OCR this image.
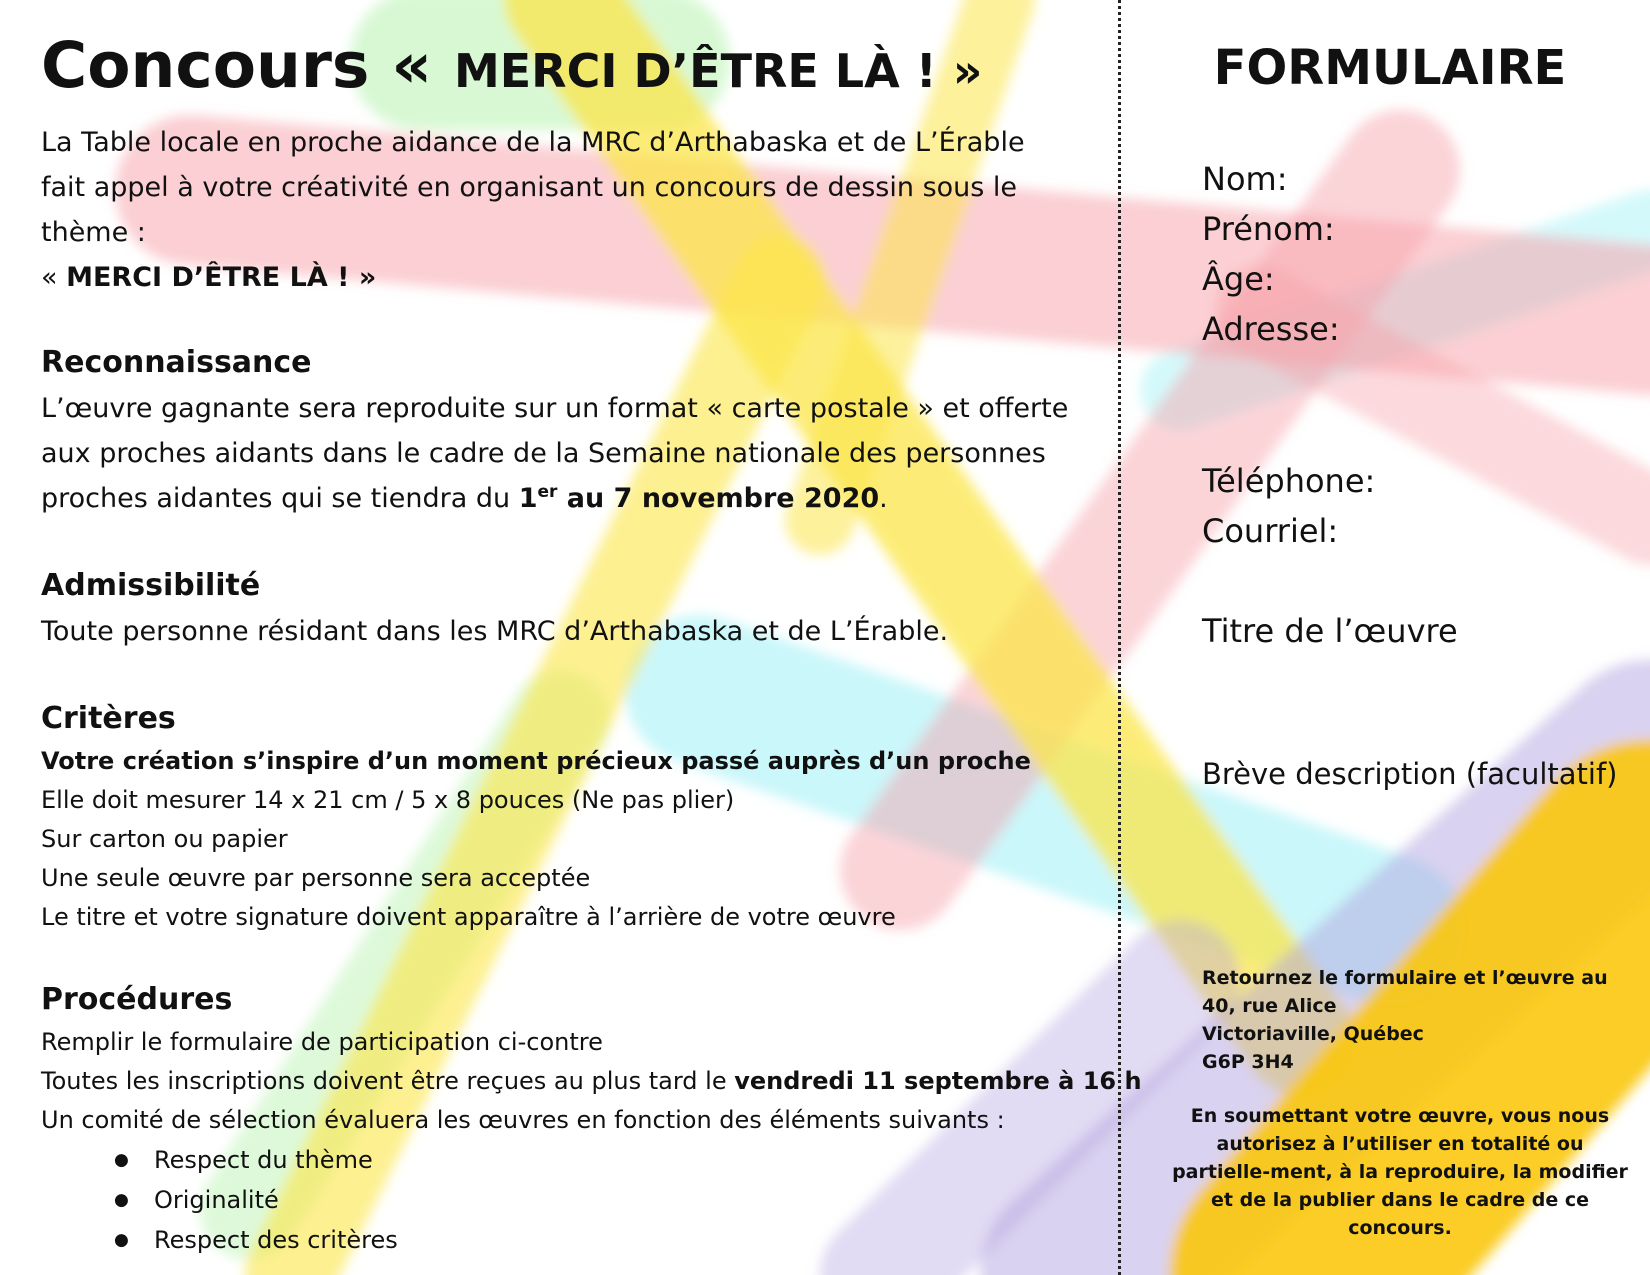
Concours « MERCI D’ÊTRE LÀ ! »

La Table locale en proche aidance de la MRC d’Arthabaska et de L’Érable fait appel à votre créativité en organisant un concours de dessin sous le thème :
« MERCI D’ÊTRE LÀ ! »

Reconnaissance

L’œuvre gagnante sera reproduite sur un format « carte postale » et offerte aux proches aidants dans le cadre de la Semaine nationale des personnes proches aidantes qui se tiendra du 1er au 7 novembre 2020.

Admissibilité

Toute personne résidant dans les MRC d’Arthabaska et de L’Érable.

Critères
Votre création s’inspire d’un moment précieux passé auprès d’un proche
Elle doit mesurer 14 x 21 cm / 5 x 8 pouces (Ne pas plier)
Sur carton ou papier
Une seule œuvre par personne sera acceptée
Le titre et votre signature doivent apparaître à l’arrière de votre œuvre
Procédures
Remplir le formulaire de participation ci-contre
Toutes les inscriptions doivent être reçues au plus tard le vendredi 11 septembre à 16 h
Un comité de sélection évaluera les œuvres en fonction des éléments suivants :
● Respect du thème
● Originalité
● Respect des critères
FORMULAIRE

Nom:

Prénom:

Âge:

Adresse:

Téléphone:

Courriel:

Titre de l’œuvre

Brève description (facultatif)

Retournez le formulaire et l’œuvre au
40, rue Alice
Victoriaville, Québec
G6P 3H4

En soumettant votre œuvre, vous nous autorisez à l’utiliser en totalité ou partielle-ment, à la reproduire, la modifier et de la publier dans le cadre de ce concours.
